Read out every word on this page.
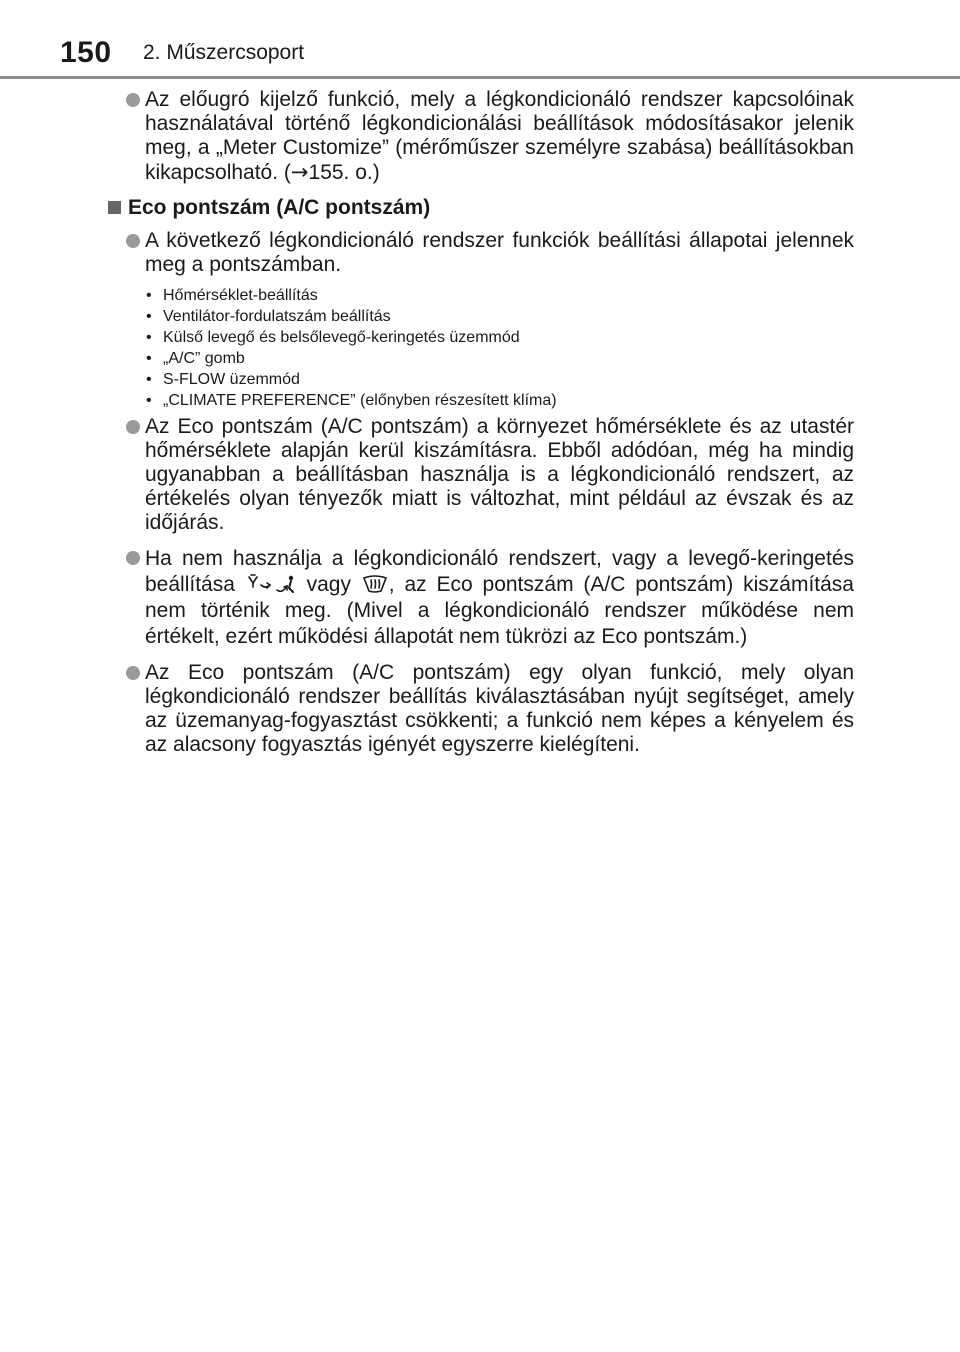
150 2. Műszercsoport
Az előugró kijelző funkció, mely a légkondicionáló rendszer kapcsolóinak használatával történő légkondicionálási beállítások módosításakor jelenik meg, a „Meter Customize” (mérőműszer személyre szabása) beállításokban kikapcsolható. (→155. o.)
Eco pontszám (A/C pontszám)
A következő légkondicionáló rendszer funkciók beállítási állapotai jelennek meg a pontszámban.
• Hőmérséklet-beállítás
• Ventilátor-fordulatszám beállítás
• Külső levegő és belsőlevegő-keringetés üzemmód
• „A/C” gomb
• S-FLOW üzemmód
• „CLIMATE PREFERENCE” (előnyben részesített klíma)
Az Eco pontszám (A/C pontszám) a környezet hőmérséklete és az utastér hőmérséklete alapján kerül kiszámításra. Ebből adódóan, még ha mindig ugyanabban a beállításban használja is a légkondicionáló rendszert, az értékelés olyan tényezők miatt is változhat, mint például az évszak és az időjárás.
Ha nem használja a légkondicionáló rendszert, vagy a levegő-keringetés beállítása	vagy , az Eco pontszám (A/C pontszám) kiszámítása nem történik meg. (Mivel a légkondicionáló rendszer működése nem értékelt, ezért működési állapotát nem tükrözi az Eco pontszám.)
Az Eco pontszám (A/C pontszám) egy olyan funkció, mely olyan légkondicionáló rendszer beállítás kiválasztásában nyújt segítséget, amely az üzemanyag-fogyasztást csökkenti; a funkció nem képes a kényelem és az alacsony fogyasztás igényét egyszerre kielégíteni.
